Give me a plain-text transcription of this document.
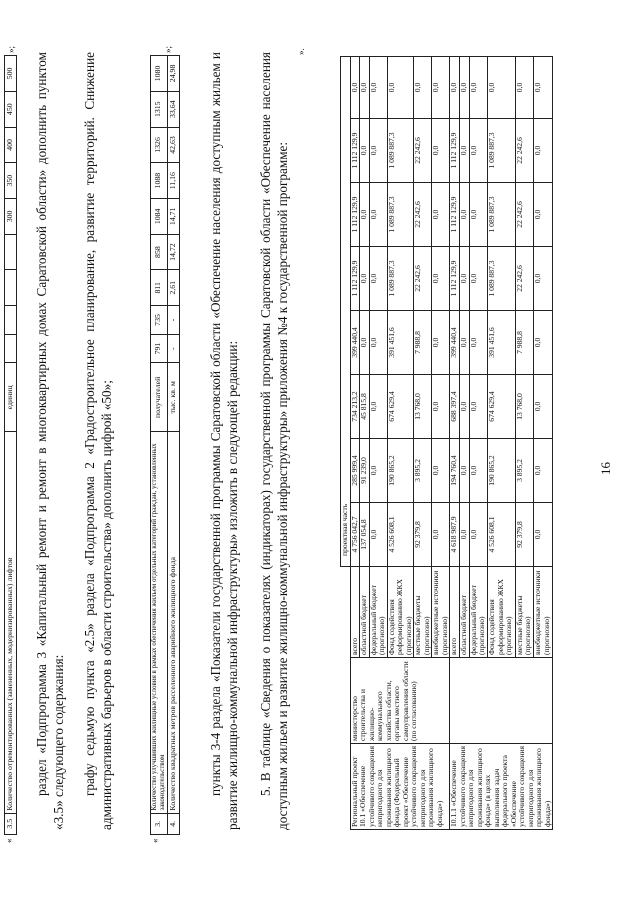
16
			проектная часть							
Региональный проект 10.1 «Обеспечение устойчивого сокращения непригодного для проживания жилищного фонда (Федеральный проект «Обеспечение устойчивого сокращения непригодного для проживания жилищного фонда»)	министерство строительства и жилищно-коммунального хозяйства области, органы местного самоуправления области (по согласованию)	всего	4 756 042,7	285 999,4	734 213,2	399 440,4	1 112 129,9	1 112 129,9	1 112 129,9	0,0
		областной бюджет	137 054,8	91 239,0	45 815,8	0,0	0,0	0,0	0,0	0,0
		федеральный бюджет (прогнозно)	0,0	0,0	0,0	0,0	0,0	0,0	0,0	0,0
		Фонд содействия реформированию ЖКХ (прогнозно)	4 526 608,1	190 865,2	674 629,4	391 451,6	1 089 887,3	1 089 887,3	1 089 887,3	0,0
		местные бюджеты (прогнозно)	92 379,8	3 895,2	13 768,0	7 988,8	22 242,6	22 242,6	22 242,6	0,0
		внебюджетные источники (прогнозно)	0,0	0,0	0,0	0,0	0,0	0,0	0,0	0,0
10.1.1 «Обеспечение устойчивого сокращения непригодного для проживания жилищного фонда» (в целях выполнения задач федерального проекта «Обеспечение устойчивого сокращения непригодного для проживания жилищного фонда»)		всего	4 618 987,9	194 760,4	688 397,4	399 440,4	1 112 129,9	1 112 129,9	1 112 129,9	0,0
		областной бюджет	0,0	0,0	0,0	0,0	0,0	0,0	0,0	0,0
		федеральный бюджет (прогнозно)	0,0	0,0	0,0	0,0	0,0	0,0	0,0	0,0
		Фонд содействия реформированию ЖКХ (прогнозно)	4 526 608,1	190 865,2	674 629,4	391 451,6	1 089 887,3	1 089 887,3	1 089 887,3	0,0
		местные бюджеты (прогнозно)	92 379,8	3 895,2	13 768,0	7 988,8	22 242,6	22 242,6	22 242,6	0,0
		внебюджетные источники (прогнозно)	0,0	0,0	0,0	0,0	0,0	0,0	0,0	0,0
».
5. В таблице «Сведения о показателях (индикаторах) государственной программы Саратовской области «Обеспечение населения доступным жильем и развитие жилищно-коммунальной инфраструктуры» приложения №4 к государственной программе:
пункты 3-4 раздела «Показатели государственной программы Саратовской области «Обеспечение населения доступным жильем и развитие жилищно-коммунальной инфраструктуры» изложить в следующей редакции:
«
3.	Количество улучшивших жилищные условия в рамках обеспечения жильем отдельных категорий граждан, установленных законодательством	получателей	791	735	811	858	1084	1088	1326	1315	1080
4.	Количество квадратных метров расселенного аварийного жилищного фонда	тыс. кв. м	-	-	2,61	14,72	14,71	11,16	42,63	33,64	24,98
»;
графу седьмую пункта «2.5» раздела «Подпрограмма 2 «Градостроительное планирование, развитие территорий. Снижение административных барьеров в области строительства» дополнить цифрой «50»;
раздел «Подпрограмма 3 «Капитальный ремонт и ремонт в многоквартирных домах Саратовской области» дополнить пунктом «3.5» следующего содержания:
«
3.5	Количество отремонтированных (замененных, модернизированных) лифтов	единиц					300	350	400	450	500
»;
